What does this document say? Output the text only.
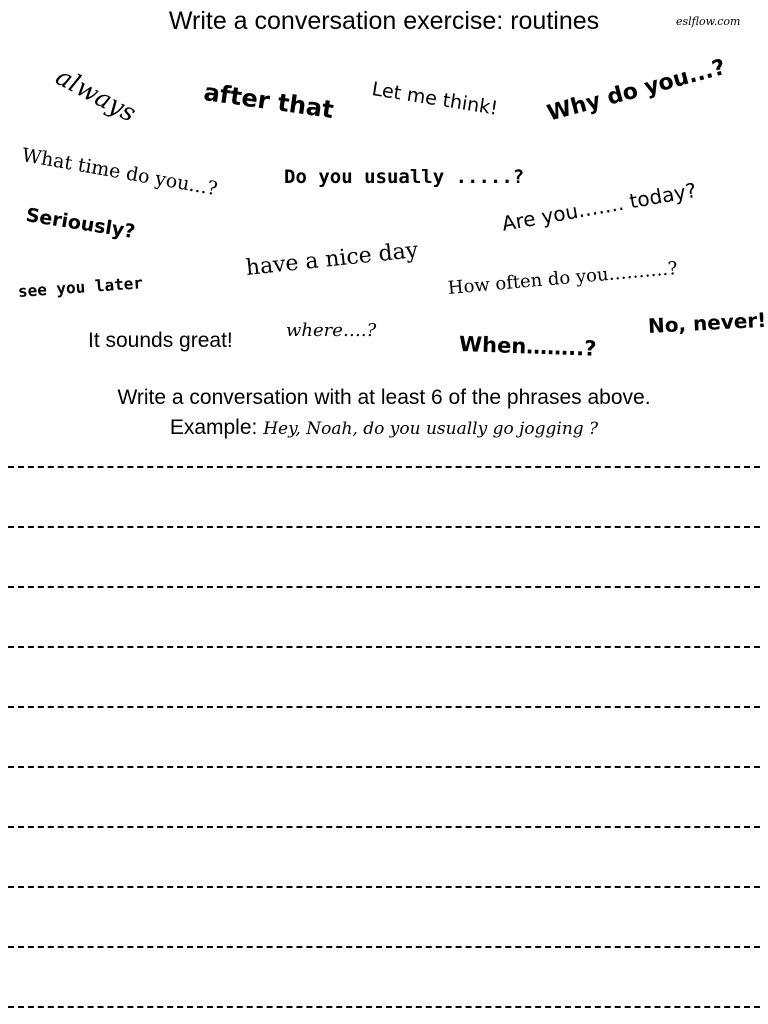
Write a conversation exercise: routines	eslflow.com
always	after that Let me think! Why do you...?
What time do you...?	Do you usually .....?
Seriously?	Are you……. today?
have a nice day
see you later	How often do you……….?
It sounds great!	where….?
When……..?
No, never!
Write a conversation with at least 6 of the phrases above.
Example: Hey, Noah, do you usually go jogging ?
